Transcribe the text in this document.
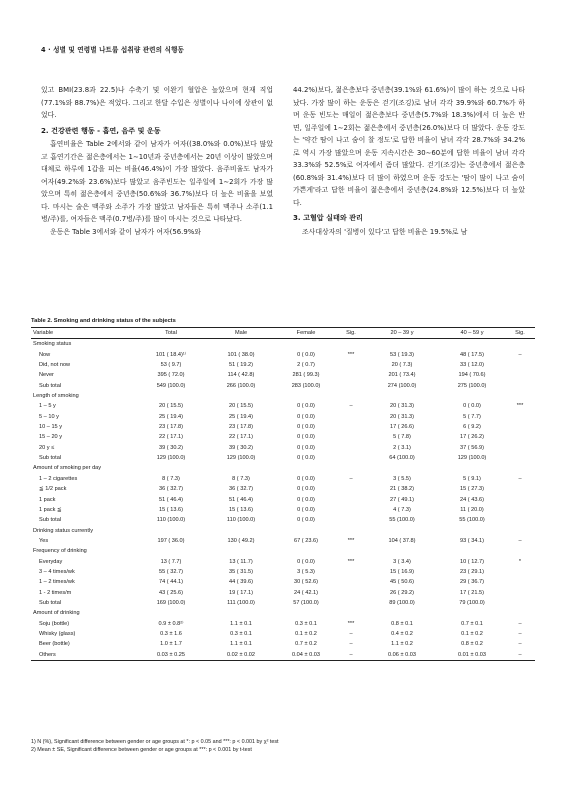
4 · 성별 및 연령별 나트륨 섭취량 관련의 식행동

있고 BMI(23.8과 22.5)나 수축기 및 이완기 혈압은 높았으며 현재 직업(77.1%와 88.7%)은 적었다. 그리고 한달 수입은 성별이나 나이에 상관이 없었다.

2. 건강관련 행동 - 흡연, 음주 및 운동

흡연비율은 Table 2에서와 같이 남자가 여자((38.0%와 0.0%)보다 많았고 흡연기간은 젊은층에서는 1∼10년과 중년층에서는 20년 이상이 많았으며 대체로 하루에 1갑을 피는 비율(46.4%)이 가장 많았다. 음주비율도 남자가 여자(49.2%와 23.6%)보다 많았고 음주빈도는 일주일에 1∼2회가 가장 많았으며 특히 젊은층에서 중년층(50.6%와 36.7%)보다 더 높은 비율을 보였다. 마시는 술은 맥주와 소주가 가장 많았고 남자들은 특히 맥주나 소주(1.1병/주)를, 여자들은 맥주(0.7병/주)를 많이 마시는 것으로 나타났다.

운동은 Table 3에서와 같이 남자가 여자(56.9%와

44.2%)보다, 젊은층보다 중년층(39.1%와 61.6%)이 많이 하는 것으로 나타났다. 가장 많이 하는 운동은 걷기(조깅)로 남녀 각각 39.9%와 60.7%가 하며 운동 빈도는 매일이 젊은층보다 중년층(5.7%와 18.3%)에서 더 높은 반면, 일주일에 1∼2회는 젊은층에서 중년층(26.0%)보다 더 많았다. 운동 강도는 '약간 땀이 나고 숨이 찰 정도'로 답한 비율이 남녀 각각 28.7%와 34.2%로 역시 가장 많았으며 운동 지속시간은 30∼60분에 답한 비율이 남녀 각각 33.3%와 52.5%로 여자에서 좀더 많았다. 걷기(조깅)는 중년층에서 젊은층(60.8%와 31.4%)보다 더 많이 하였으며 운동 강도는 '땀이 많이 나고 숨이 가쁜게'라고 답한 비율이 젊은층에서 중년층(24.8%와 12.5%)보다 더 높았다.

3. 고혈압 실태와 관리

조사대상자의 '질병이 있다'고 답한 비율은 19.5%로 남

Table 2. Smoking and drinking status of the subjects
Variable	Total	Male	Female	Sig.	20 – 39 y	40 – 59 y	Sig.
Smoking status							
Now	101 ( 18.4)¹⁾	101 ( 38.0)	0 ( 0.0)	***	53 ( 19.3)	48 ( 17.5)	–
Did, not now	53 ( 9.7)	51 ( 19.2)	2 ( 0.7)		20 ( 7.3)	33 ( 12.0)	
Never	395 ( 72.0)	114 ( 42.8)	281 ( 99.3)		201 ( 73.4)	194 ( 70.6)	
Sub total	549 (100.0)	266 (100.0)	283 (100.0)		274 (100.0)	275 (100.0)	
Length of smoking							
1 – 5 y	20 ( 15.5)	20 ( 15.5)	0 ( 0.0)	–	20 ( 31.3)	0 ( 0.0)	***
5 – 10 y	25 ( 19.4)	25 ( 19.4)	0 ( 0.0)		20 ( 31.3)	5 ( 7.7)	
10 – 15 y	23 ( 17.8)	23 ( 17.8)	0 ( 0.0)		17 ( 26.6)	6 ( 9.2)	
15 – 20 y	22 ( 17.1)	22 ( 17.1)	0 ( 0.0)		5 ( 7.8)	17 ( 26.2)	
20 y ≤	39 ( 30.2)	39 ( 30.2)	0 ( 0.0)		2 ( 3.1)	37 ( 56.9)	
Sub total	129 (100.0)	129 (100.0)	0 ( 0.0)		64 (100.0)	129 (100.0)	
Amount of smoking per day							
1 – 2 cigarettes	8 ( 7.3)	8 ( 7.3)	0 ( 0.0)	–	3 ( 5.5)	5 ( 9.1)	–
≦ 1/2 pack	36 ( 32.7)	36 ( 32.7)	0 ( 0.0)		21 ( 38.2)	15 ( 27.3)	
1 pack	51 ( 46.4)	51 ( 46.4)	0 ( 0.0)		27 ( 49.1)	24 ( 43.6)	
1 pack ≦	15 ( 13.6)	15 ( 13.6)	0 ( 0.0)		4 ( 7.3)	11 ( 20.0)	
Sub total	110 (100.0)	110 (100.0)	0 ( 0.0)		55 (100.0)	55 (100.0)	
Drinking status currently							
Yes	197 ( 36.0)	130 ( 49.2)	67 ( 23.6)	***	104 ( 37.8)	93 ( 34.1)	–
Frequency of drinking							
Everyday	13 ( 7.7)	13 ( 11.7)	0 ( 0.0)	***	3 ( 3.4)	10 ( 12.7)	*
3 – 4 times/wk	55 ( 32.7)	35 ( 31.5)	3 ( 5.3)		15 ( 16.9)	23 ( 29.1)	
1 – 2 times/wk	74 ( 44.1)	44 ( 39.6)	30 ( 52.6)		45 ( 50.6)	29 ( 36.7)	
1 - 2 times/m	43 ( 25.6)	19 ( 17.1)	24 ( 42.1)		26 ( 29.2)	17 ( 21.5)	
Sub total	169 (100.0)	111 (100.0)	57 (100.0)		89 (100.0)	79 (100.0)	
Amount of drinking							
Soju (bottle)	0.9 ± 0.8²⁾	1.1 ± 0.1	0.3 ± 0.1	***	0.8 ± 0.1	0.7 ± 0.1	–
Whisky (glass)	0.3 ± 1.6	0.3 ± 0.1	0.1 ± 0.2	–	0.4 ± 0.2	0.1 ± 0.2	–
Beer (bottle)	1.0 ± 1.7	1.1 ± 0.1	0.7 ± 0.2	–	1.1 ± 0.2	0.8 ± 0.2	–
Others	0.03 ± 0.25	0.02 ± 0.02	0.04 ± 0.03	–	0.06 ± 0.03	0.01 ± 0.03	–
1) N (%), Significant difference between gender or age groups at *: p < 0.05 and ***: p < 0.001 by χ² test
2) Mean ± SE, Significant difference between gender or age groups at ***: p < 0.001 by t-test
